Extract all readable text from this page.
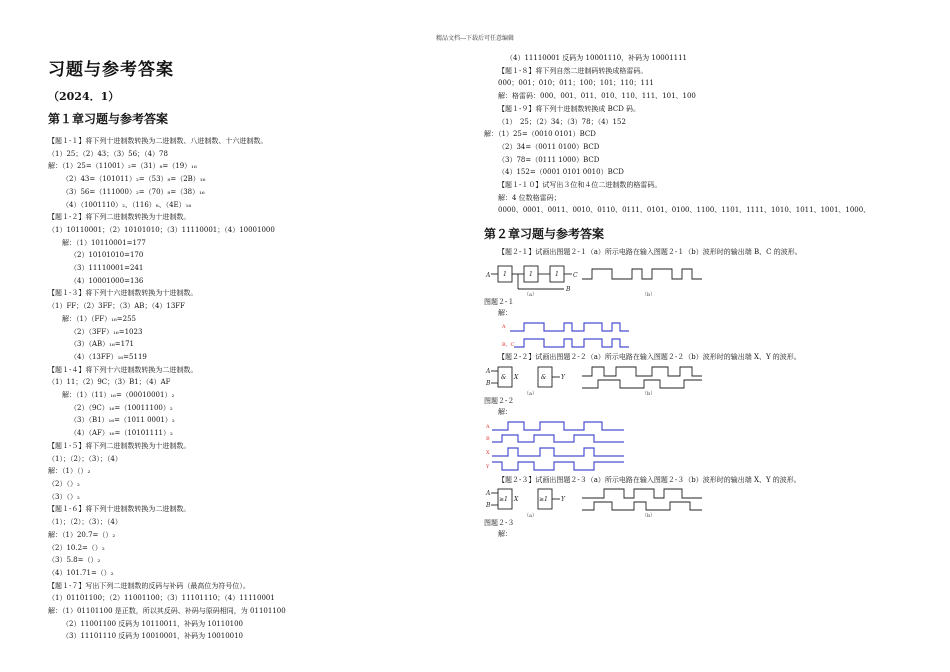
精品文档---下载后可任意编辑
习题与参考答案
（2024．1）
第１章习题与参考答案
【题１-１】将下列十进制数转换为二进制数、八进制数、十六进制数。
（1）25；（2）43；（3）56；（4）78
解：（1）25=（11001）₂=（31）₈=（19）₁₆
（2）43=（101011）₂=（53）₈=（2B）₁₆
（3）56=（111000）₂=（70）₈=（38）₁₆
（4）（1001110）₂、（116）₈、（4E）₁₆
【题１-２】将下列二进制数转换为十进制数。
（1）10110001；（2）10101010；（3）11110001；（4）10001000
解：（1）10110001=177
（2）10101010=170
（3）11110001=241
（4）10001000=136
【题１-３】将下列十六进制数转换为十进制数。
（1）FF；（2）3FF；（3）AB；（4）13FF
解：（1）（FF）₁₆=255
（2）（3FF）₁₆=1023
（3）（AB）₁₆=171
（4）（13FF）₁₆=5119
【题１-４】将下列十六进制数转换为二进制数。
（1）11；（2）9C；（3）B1；（4）AF
解：（1）（11）₁₆=（00010001）₂
（2）（9C）₁₆=（10011100）₂
（3）（B1）₁₆=（1011 0001）₂
（4）（AF）₁₆=（10101111）₂
【题１-５】将下列二进制数转换为十进制数。
（1）；（2）；（3）；（4）
解：（1）（）₂
（2）（）₂
（3）（）₂
【题１-６】将下列十进制数转换为二进制数。
（1）；（2）；（3）；（4）
解：（1）20.7=（）₂
（2）10.2=（）₂
（3）5.8=（）₂
（4）101.71=（）₂
【题１-７】写出下列二进制数的反码与补码（最高位为符号位）。
（1）01101100；（2）11001100；（3）11101110；（4）11110001
解：（1）01101100 是正数，所以其反码、补码与原码相同，为 01101100
（2）11001100 反码为 10110011，补码为 10110100
（3）11101110 反码为 10010001，补码为 10010010
（4）11110001 反码为 10001110，补码为 10001111
【题１-８】将下列自然二进制码转换成格雷码。
000；001；010；011；100；101；110；111
解：格雷码：000、001、011、010、110、111、101、100
【题１-９】将下列十进制数转换成 BCD 码。
（1）　25；（2）34；（3）78；（4）152
解：（1）25=（0010 0101）BCD
（2）34=（0011 0100）BCD
（3）78=（0111 1000）BCD
（4）152=（0001 0101 0010）BCD
【题１-１０】试写出３位和４位二进制数的格雷码。
解：4 位数格雷码；
0000、0001、0011、0010、0110、0111、0101、0100、1100、1101、1111、1010、1011、1001、1000、
第２章习题与参考答案
【题２-１】试画出图题２-１（a）所示电路在输入图题２-１（b）波形时的输出端 B、C 的波形。
A 1	1	1 C
B
（a）	（b）
图题２-１
解：
A
B、C
【题２-２】试画出图题２-２（a）所示电路在输入图题２-２（b）波形时的输出端 X、Y 的波形。
A
B
& X	& Y
（a）	（b）
图题２-２
解：
A
B
X
Y
【题２-３】试画出图题２-３（a）所示电路在输入图题２-３（b）波形时的输出端 X、Y 的波形。
A
B
≥1 X	≥1 Y
（a）	（b）
图题２-３
解：
